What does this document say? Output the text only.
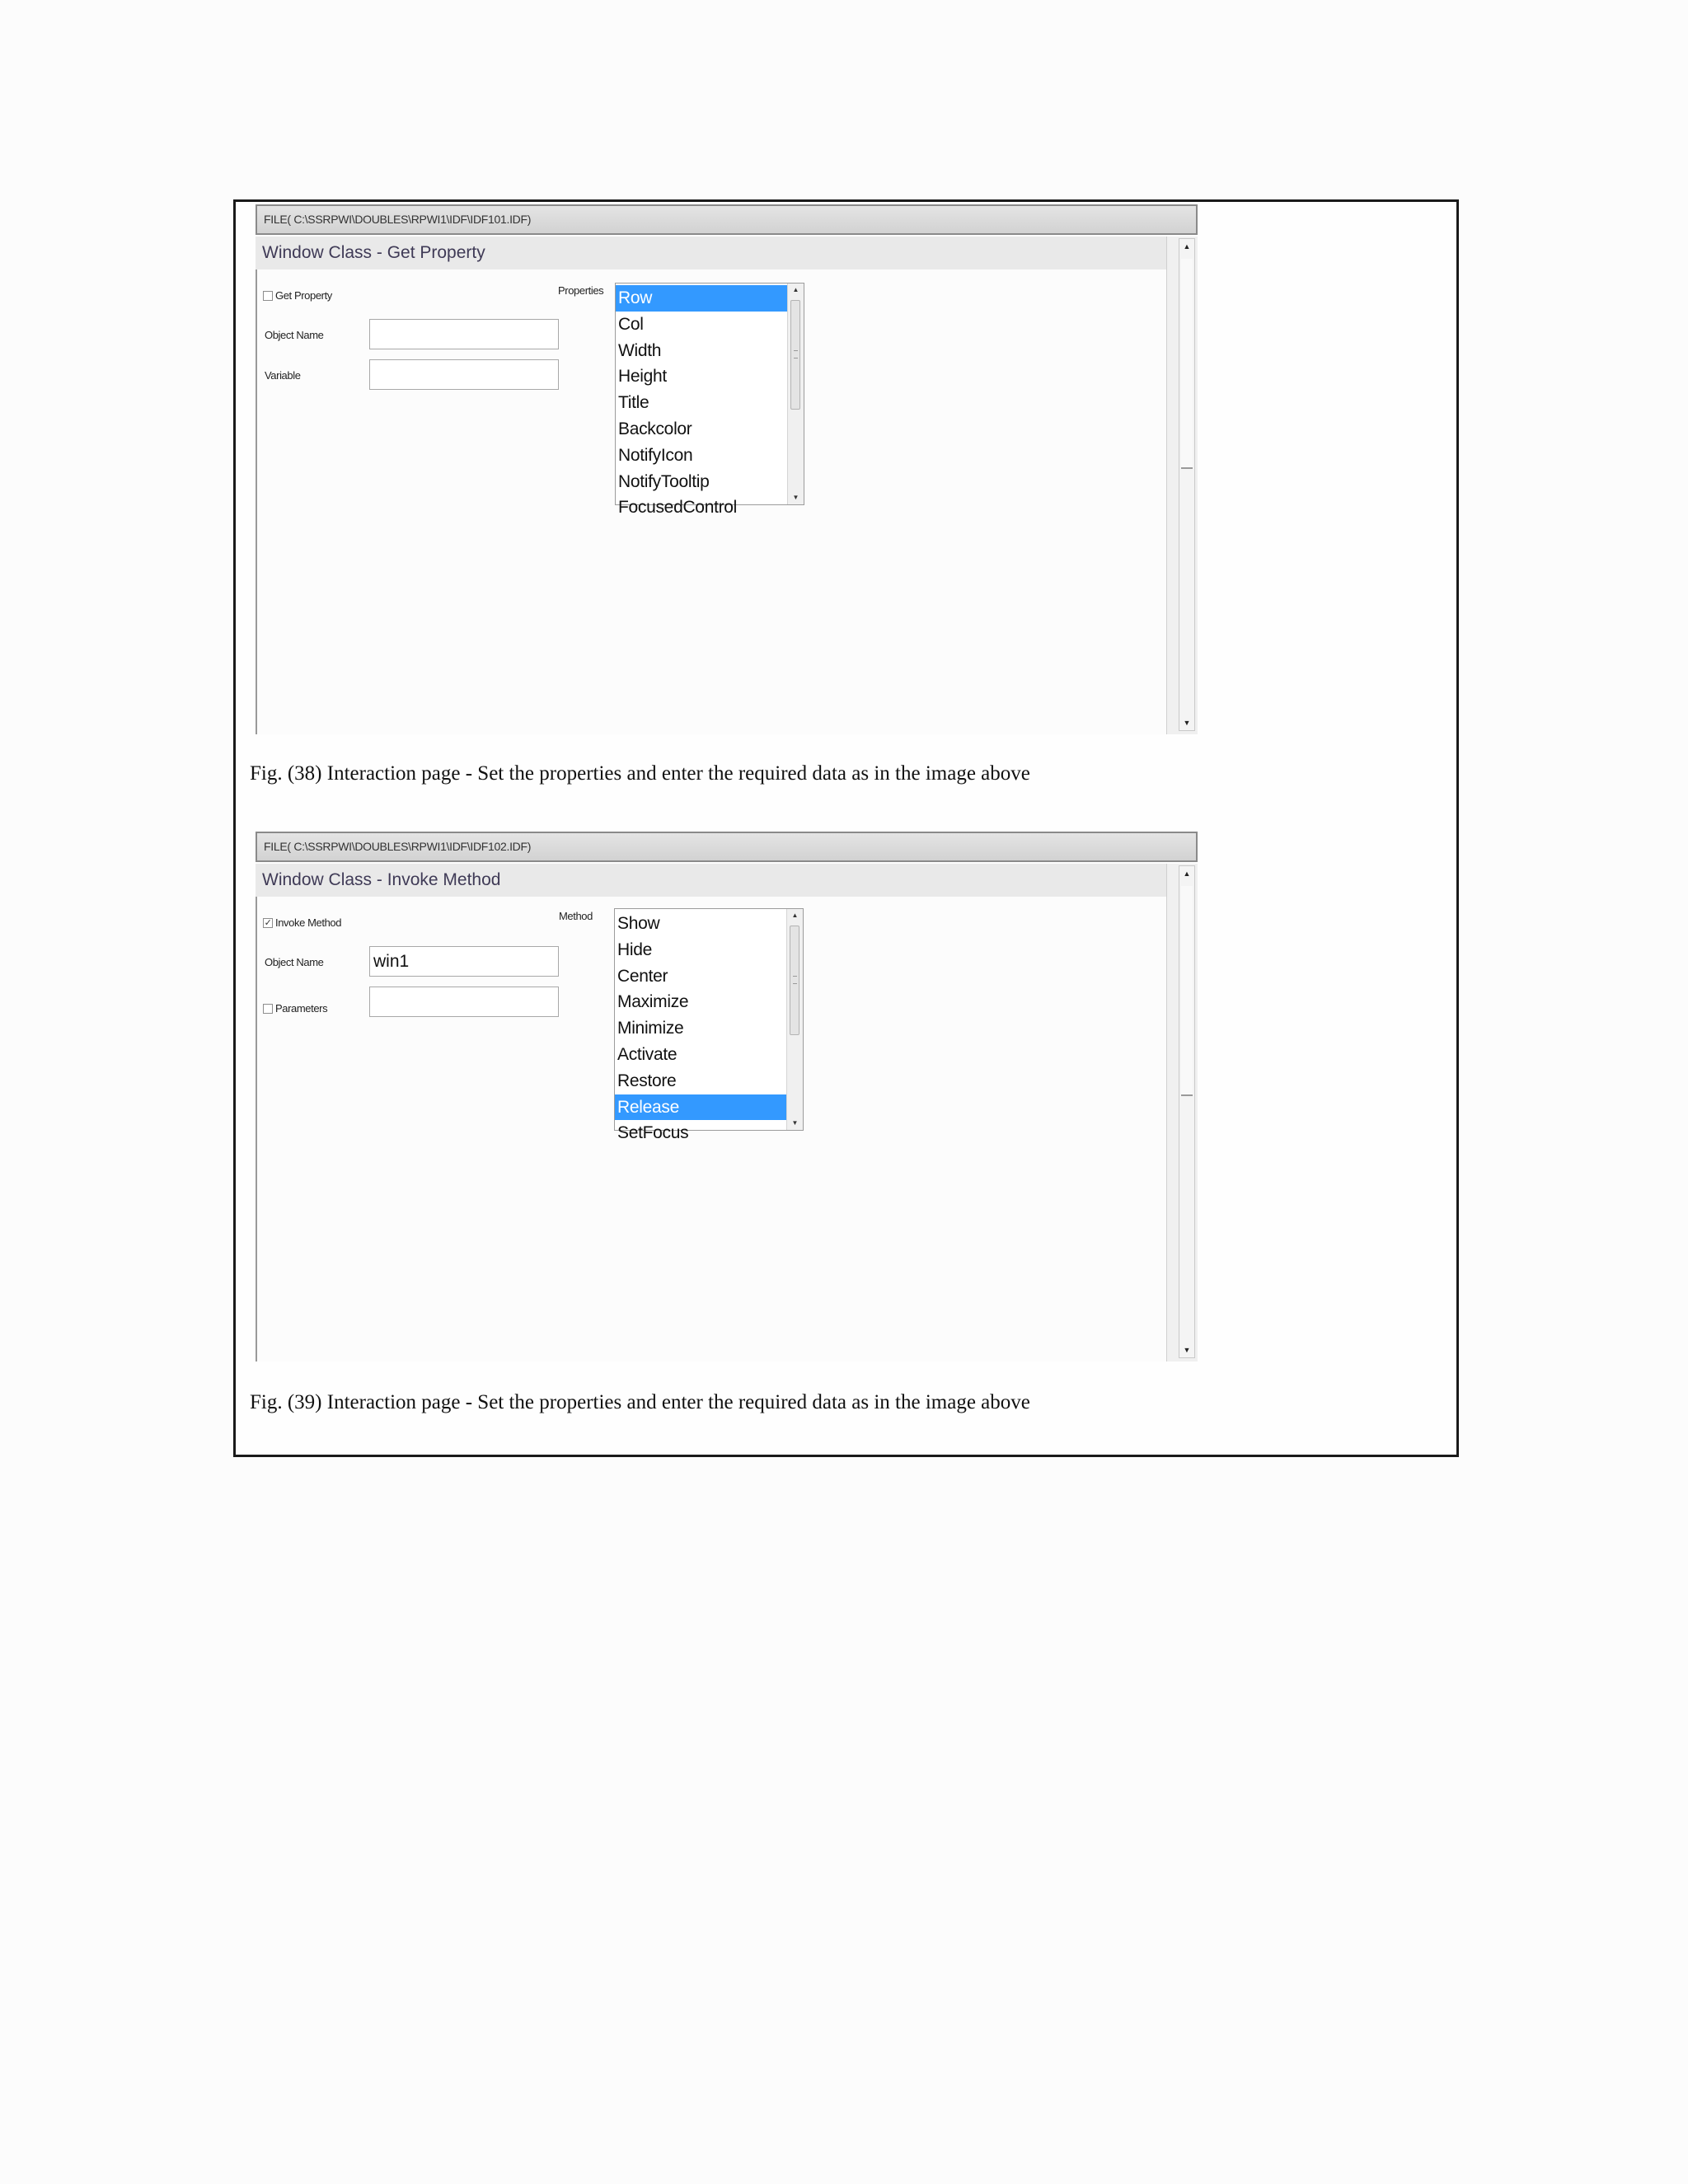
FILE( C:\SSRPWI\DOUBLES\RPWI1\IDF\IDF101.IDF)
Window Class - Get Property
Get Property
Object Name
Variable
Properties Row
Col
Width
Height
Title
Backcolor
NotifyIcon
NotifyTooltip
FocusedControl
▲
▼
▲
▼
Fig. (38) Interaction page - Set the properties and enter the required data as in the image above
FILE( C:\SSRPWI\DOUBLES\RPWI1\IDF\IDF102.IDF)
Window Class - Invoke Method
✓ Invoke Method
Object Name
win1
Parameters
Method Show
Hide
Center
Maximize
Minimize
Activate
Restore
Release
SetFocus
▲
▼
▲
▼
Fig. (39) Interaction page - Set the properties and enter the required data as in the image above
